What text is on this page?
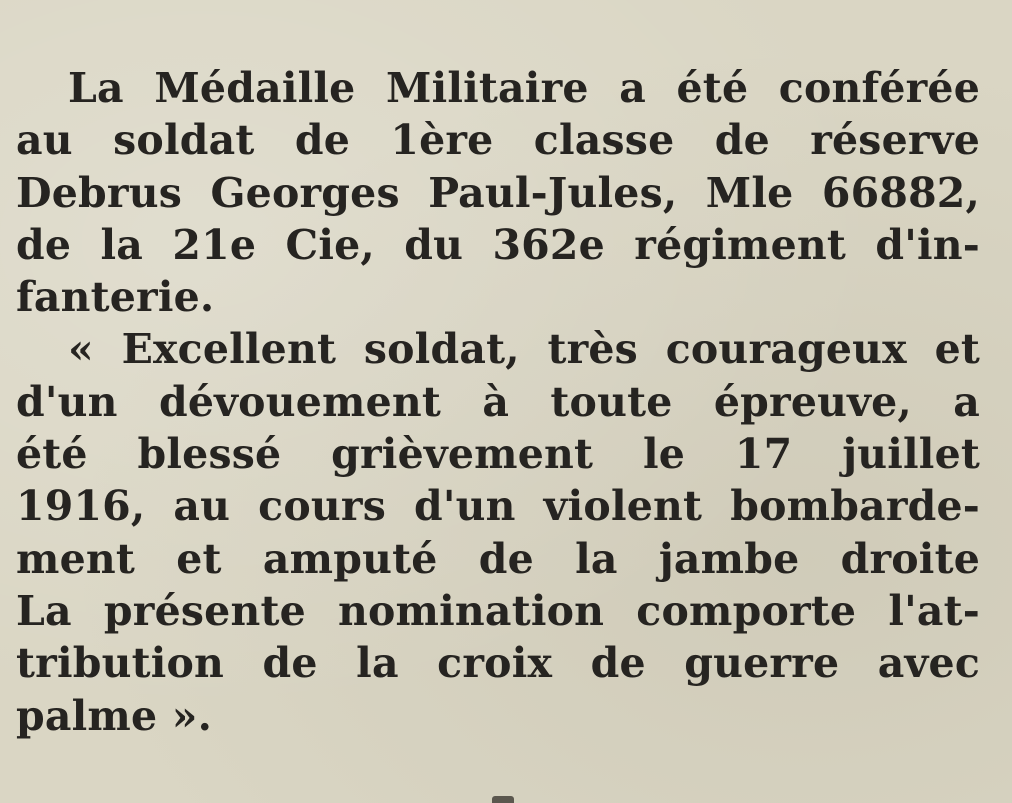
La Médaille Militaire a été conférée
au soldat de 1ère classe de réserve
Debrus Georges Paul-Jules, Mle 66882,
de la 21e Cie, du 362e régiment d'in-
fanterie.
« Excellent soldat, très courageux et
d'un dévouement à toute épreuve, a
été blessé grièvement le 17 juillet
1916, au cours d'un violent bombarde-
ment et amputé de la jambe droite
La présente nomination comporte l'at-
tribution de la croix de guerre avec
palme ».
